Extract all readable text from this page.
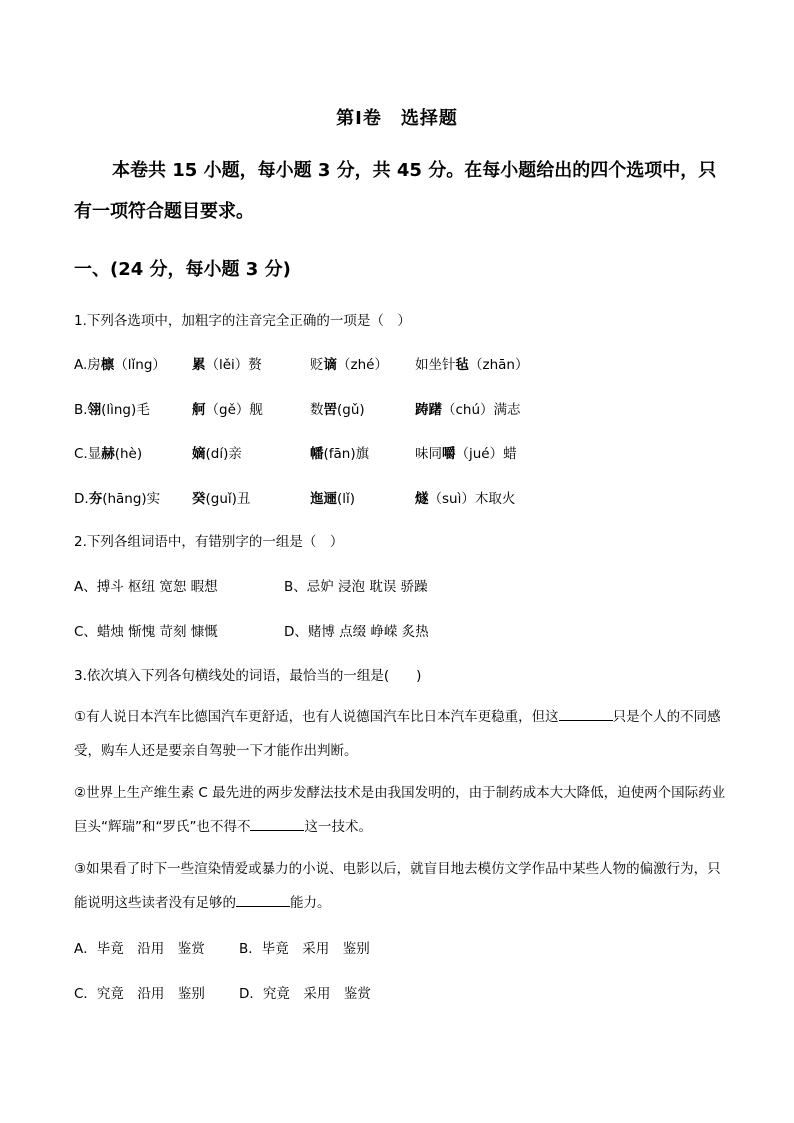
第Ⅰ卷　选择题
本卷共 15 小题，每小题 3 分，共 45 分。在每小题给出的四个选项中，只有一项符合题目要求。
一、(24 分，每小题 3 分)
1.下列各选项中，加粗字的注音完全正确的一项是（　）
A.房檩（lǐng） 累（lěi）赘	贬谪（zhé） 如坐针毡（zhān）
B.翎(lìng)毛	舸（gě）舰	数罟(gǔ)	踌躇（chú）满志
C.显赫(hè)	嫡(dí)亲	幡(fān)旗	味同嚼（jué）蜡
D.夯(hāng)实 癸(guǐ)丑	迤逦(lǐ)	燧（suì）木取火
2.下列各组词语中，有错别字的一组是（　）
A、搏斗 枢纽 宽恕 暇想	B、忌妒 浸泡 耽误 骄躁
C、蜡烛 惭愧 苛刻 慷慨	D、赌博 点缀 峥嵘 炙热
3.依次填入下列各句横线处的词语，最恰当的一组是(　　)
①有人说日本汽车比德国汽车更舒适，也有人说德国汽车比日本汽车更稳重，但这	只是个人的不同感受，购车人还是要亲自驾驶一下才能作出判断。
②世界上生产维生素 C 最先进的两步发酵法技术是由我国发明的，由于制药成本大大降低，迫使两个国际药业巨头“辉瑞”和“罗氏”也不得不	这一技术。
③如果看了时下一些渲染情爱或暴力的小说、电影以后，就盲目地去模仿文学作品中某些人物的偏激行为，只能说明这些读者没有足够的	能力。
A．毕竟　沿用　鉴赏	B．毕竟　采用　鉴别
C．究竟　沿用　鉴别	D．究竟　采用　鉴赏
